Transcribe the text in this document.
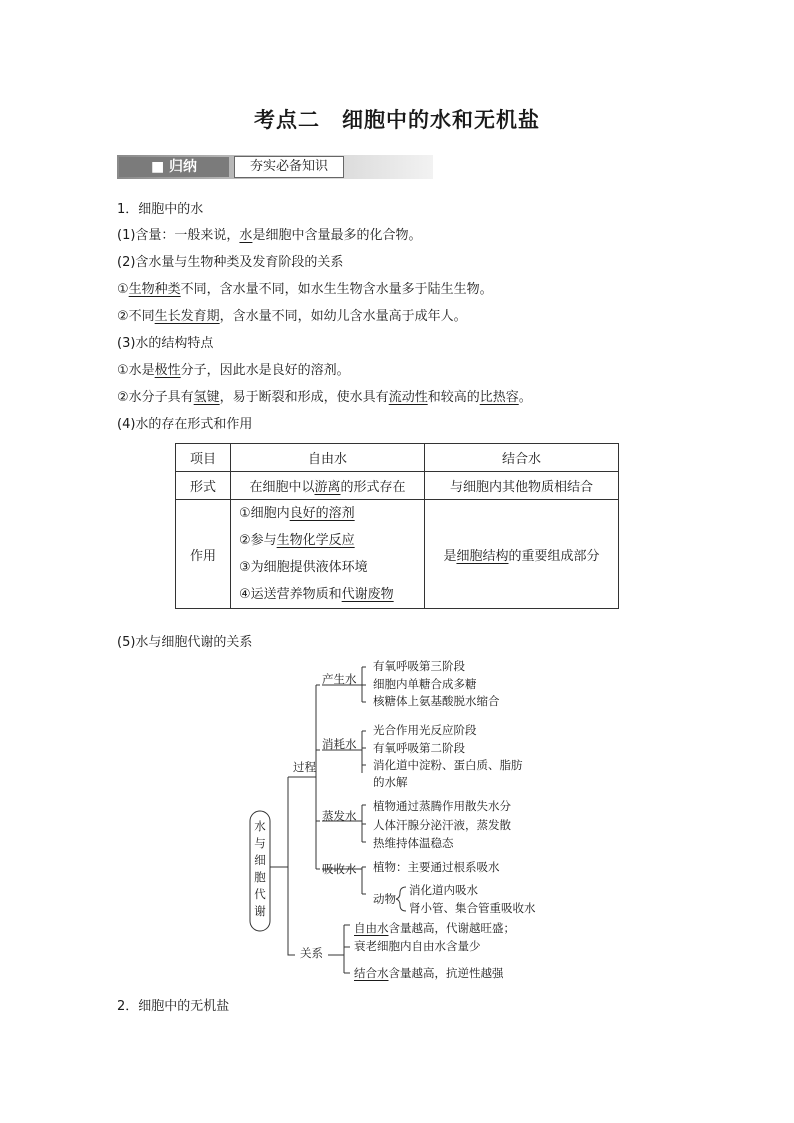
考点二　细胞中的水和无机盐
■ 归纳	夯实必备知识
1．细胞中的水
(1)含量：一般来说，水是细胞中含量最多的化合物。
(2)含水量与生物种类及发育阶段的关系
①生物种类不同，含水量不同，如水生生物含水量多于陆生生物。
②不同生长发育期，含水量不同，如幼儿含水量高于成年人。
(3)水的结构特点
①水是极性分子，因此水是良好的溶剂。
②水分子具有氢键，易于断裂和形成，使水具有流动性和较高的比热容。
(4)水的存在形式和作用
项目	自由水	结合水
形式	在细胞中以游离的形式存在	与细胞内其他物质相结合
作用	①细胞内良好的溶剂
②参与生物化学反应
③为细胞提供液体环境
④运送营养物质和代谢废物	是细胞结构的重要组成部分
(5)水与细胞代谢的关系
水
与
细
胞
代
谢
过程
关系
产生水
有氧呼吸第三阶段
细胞内单糖合成多糖
核糖体上氨基酸脱水缩合
消耗水
光合作用光反应阶段
有氧呼吸第二阶段
消化道中淀粉、蛋白质、脂肪
的水解
蒸发水
植物通过蒸腾作用散失水分
人体汗腺分泌汗液，蒸发散
热维持体温稳态
吸收水 植物：主要通过根系吸水
动物
消化道内吸水
肾小管、集合管重吸收水
自由水含量越高，代谢越旺盛；
衰老细胞内自由水含量少
结合水含量越高，抗逆性越强
2．细胞中的无机盐
